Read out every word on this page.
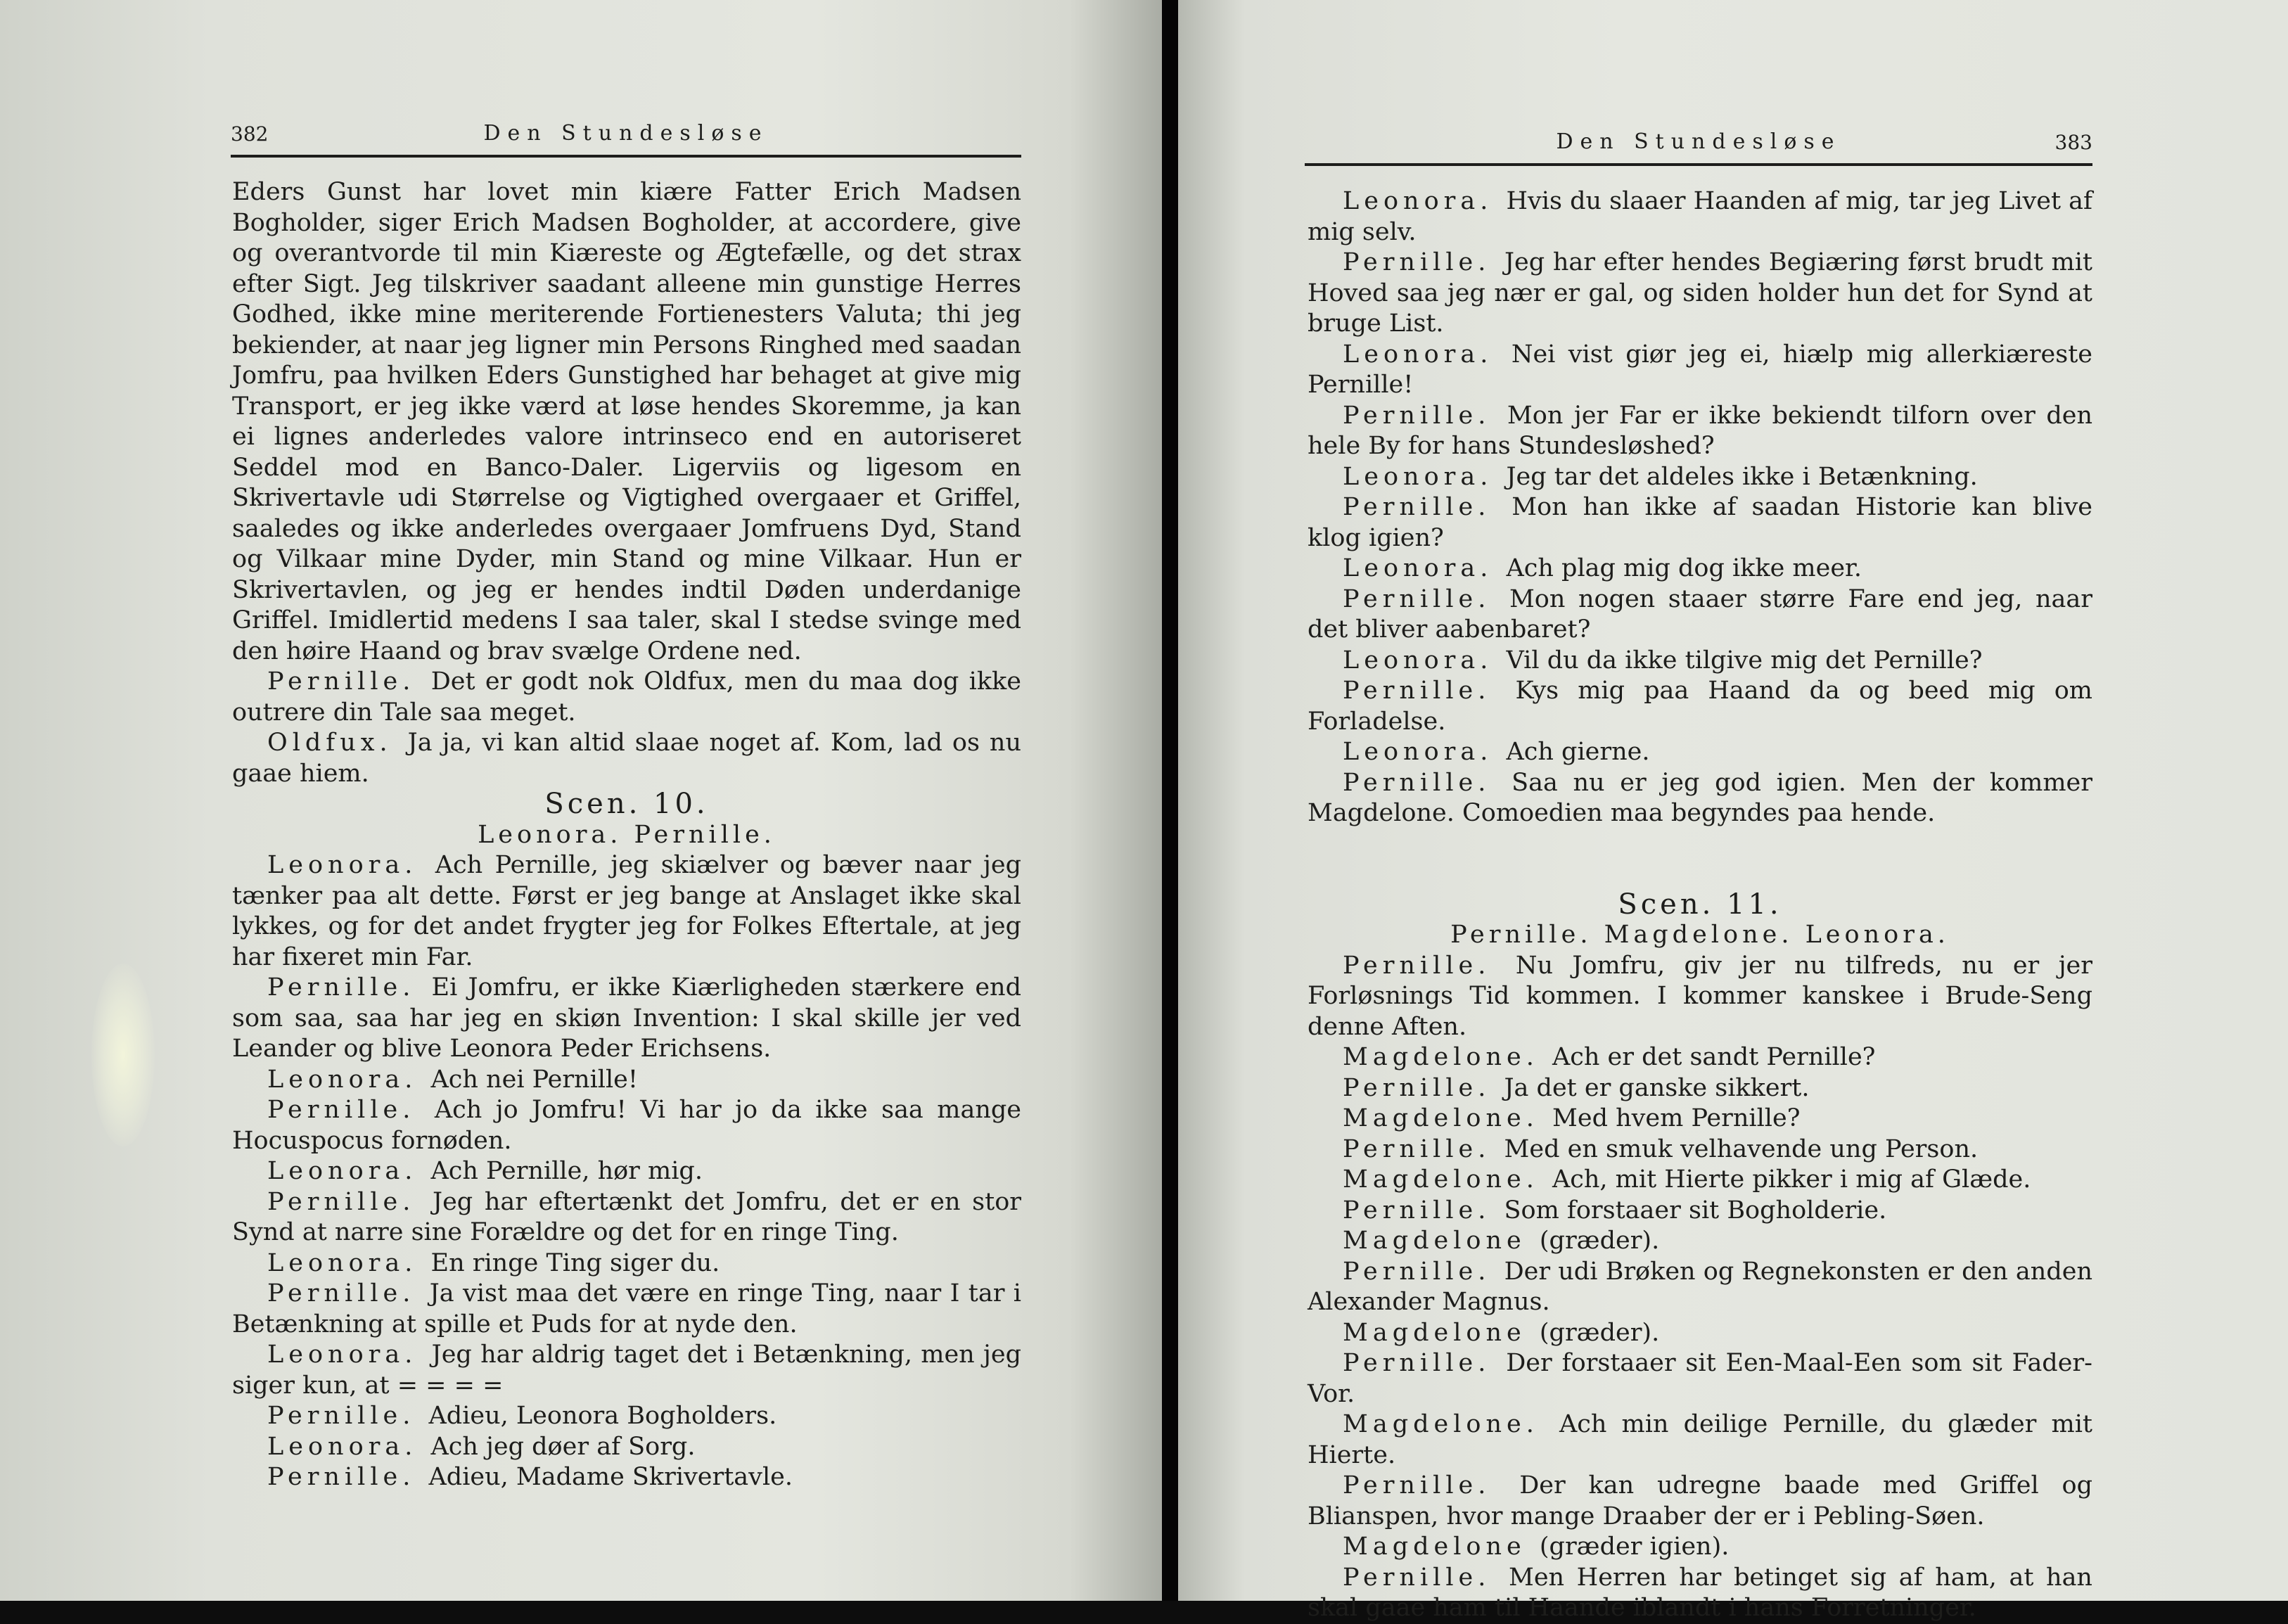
382	Den Stundesløse

Eders Gunst har lovet min kiære Fatter Erich Madsen Bogholder, siger Erich Madsen Bogholder, at accordere, give og overantvorde til min Kiæreste og Ægtefælle, og det strax efter Sigt. Jeg tilskriver saadant alleene min gunstige Herres Godhed, ikke mine meriterende Fortienesters Valuta; thi jeg bekiender, at naar jeg ligner min Persons Ringhed med saadan Jomfru, paa hvilken Eders Gunstighed har behaget at give mig Transport, er jeg ikke værd at løse hendes Skoremme, ja kan ei lignes anderledes valore intrinseco end en autoriseret Seddel mod en Banco-Daler. Ligerviis og ligesom en Skrivertavle udi Størrelse og Vigtighed overgaaer et Griffel, saaledes og ikke anderledes overgaaer Jomfruens Dyd, Stand og Vilkaar mine Dyder, min Stand og mine Vilkaar. Hun er Skrivertavlen, og jeg er hendes indtil Døden underdanige Griffel. Imidlertid medens I saa taler, skal I stedse svinge med den høire Haand og brav svælge Ordene ned.

Pernille. Det er godt nok Oldfux, men du maa dog ikke outrere din Tale saa meget.

Oldfux. Ja ja, vi kan altid slaae noget af. Kom, lad os nu gaae hiem.

Scen. 10.

Leonora. Pernille.

Leonora. Ach Pernille, jeg skiælver og bæver naar jeg tænker paa alt dette. Først er jeg bange at Anslaget ikke skal lykkes, og for det andet frygter jeg for Folkes Eftertale, at jeg har fixeret min Far.

Pernille. Ei Jomfru, er ikke Kiærligheden stærkere end som saa, saa har jeg en skiøn Invention: I skal skille jer ved Leander og blive Leonora Peder Erichsens.

Leonora. Ach nei Pernille!

Pernille. Ach jo Jomfru! Vi har jo da ikke saa mange Hocuspocus fornøden.

Leonora. Ach Pernille, hør mig.

Pernille. Jeg har eftertænkt det Jomfru, det er en stor Synd at narre sine Forældre og det for en ringe Ting.

Leonora. En ringe Ting siger du.

Pernille. Ja vist maa det være en ringe Ting, naar I tar i Betænkning at spille et Puds for at nyde den.

Leonora. Jeg har aldrig taget det i Betænkning, men jeg siger kun, at = = = =

Pernille. Adieu, Leonora Bogholders.

Leonora. Ach jeg døer af Sorg.

Pernille. Adieu, Madame Skrivertavle.

Den Stundesløse	383

Leonora. Hvis du slaaer Haanden af mig, tar jeg Livet af mig selv.

Pernille. Jeg har efter hendes Begiæring først brudt mit Hoved saa jeg nær er gal, og siden holder hun det for Synd at bruge List.

Leonora. Nei vist giør jeg ei, hiælp mig allerkiæreste Pernille!

Pernille. Mon jer Far er ikke bekiendt tilforn over den hele By for hans Stundesløshed?

Leonora. Jeg tar det aldeles ikke i Betænkning.

Pernille. Mon han ikke af saadan Historie kan blive klog igien?

Leonora. Ach plag mig dog ikke meer.

Pernille. Mon nogen staaer større Fare end jeg, naar det bliver aabenbaret?

Leonora. Vil du da ikke tilgive mig det Pernille?

Pernille. Kys mig paa Haand da og beed mig om Forladelse.

Leonora. Ach gierne.

Pernille. Saa nu er jeg god igien. Men der kommer Magdelone. Comoedien maa begyndes paa hende.

Scen. 11.

Pernille. Magdelone. Leonora.

Pernille. Nu Jomfru, giv jer nu tilfreds, nu er jer Forløsnings Tid kommen. I kommer kanskee i Brude-Seng denne Aften.

Magdelone. Ach er det sandt Pernille?

Pernille. Ja det er ganske sikkert.

Magdelone. Med hvem Pernille?

Pernille. Med en smuk velhavende ung Person.

Magdelone. Ach, mit Hierte pikker i mig af Glæde.

Pernille. Som forstaaer sit Bogholderie.

Magdelone (græder).

Pernille. Der udi Brøken og Regnekonsten er den anden Alexander Magnus.

Magdelone (græder).

Pernille. Der forstaaer sit Een-Maal-Een som sit Fader-Vor.

Magdelone. Ach min deilige Pernille, du glæder mit Hierte.

Pernille. Der kan udregne baade med Griffel og Blianspen, hvor mange Draaber der er i Pebling-Søen.

Magdelone (græder igien).

Pernille. Men Herren har betinget sig af ham, at han skal gaae ham til Haande iblandt i hans Forretninger.
